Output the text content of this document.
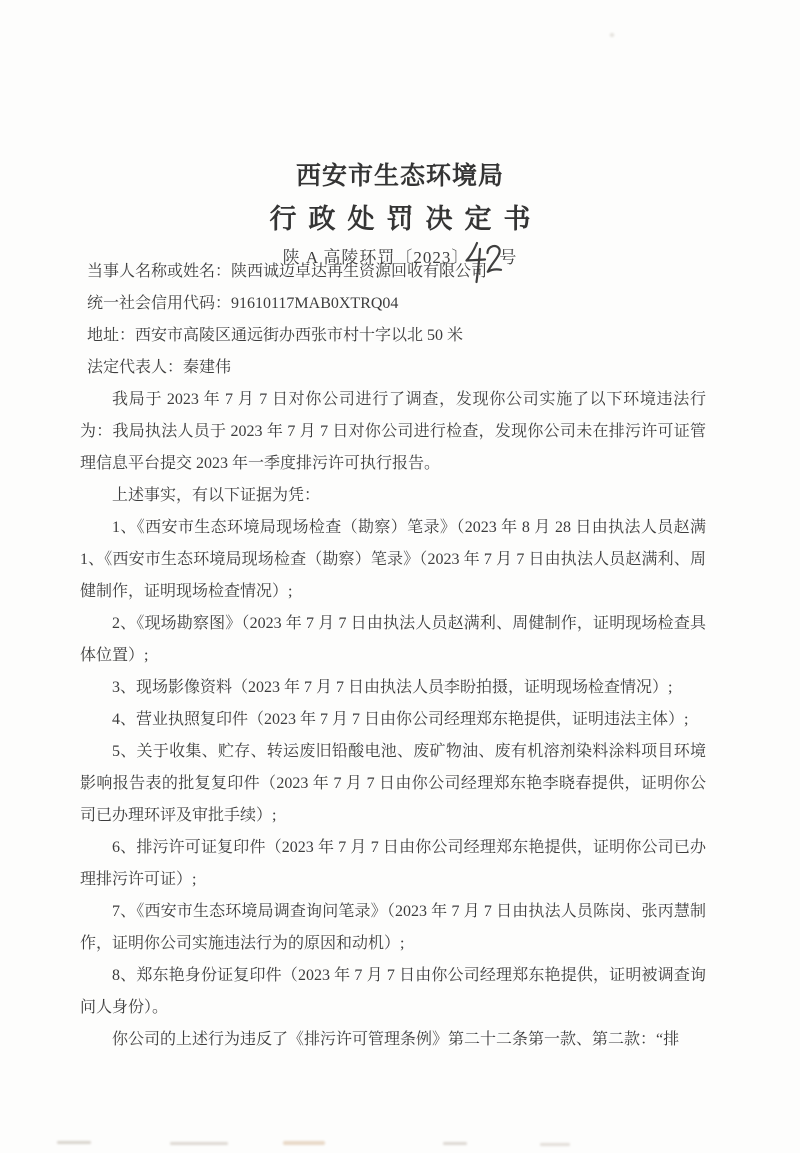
西安市生态环境局
行政处罚决定书
陕 A 高陵环罚〔2023〕 号
当事人名称或姓名：陕西诚迈卓达再生资源回收有限公司
统一社会信用代码：91610117MAB0XTRQ04
地址：西安市高陵区通远街办西张市村十字以北 50 米
法定代表人：秦建伟

我局于 2023 年 7 月 7 日对你公司进行了调查，发现你公司实施了以下环境违法行为：我局执法人员于 2023 年 7 月 7 日对你公司进行检查，发现你公司未在排污许可证管理信息平台提交 2023 年一季度排污许可执行报告。

上述事实，有以下证据为凭：

1、《西安市生态环境局现场检查（勘察）笔录》（2023 年 8 月 28 日由执法人员赵满 1、《西安市生态环境局现场检查（勘察）笔录》（2023 年 7 月 7 日由执法人员赵满利、周健制作，证明现场检查情况）;

2、《现场勘察图》（2023 年 7 月 7 日由执法人员赵满利、周健制作，证明现场检查具体位置）;

3、现场影像资料（2023 年 7 月 7 日由执法人员李盼拍摄，证明现场检查情况）;

4、营业执照复印件（2023 年 7 月 7 日由你公司经理郑东艳提供，证明违法主体）;

5、关于收集、贮存、转运废旧铅酸电池、废矿物油、废有机溶剂染料涂料项目环境影响报告表的批复复印件（2023 年 7 月 7 日由你公司经理郑东艳李晓春提供，证明你公司已办理环评及审批手续）;

6、排污许可证复印件（2023 年 7 月 7 日由你公司经理郑东艳提供，证明你公司已办理排污许可证）;

7、《西安市生态环境局调查询问笔录》（2023 年 7 月 7 日由执法人员陈岗、张丙慧制作，证明你公司实施违法行为的原因和动机）;

8、郑东艳身份证复印件（2023 年 7 月 7 日由你公司经理郑东艳提供，证明被调查询问人身份）。

你公司的上述行为违反了《排污许可管理条例》第二十二条第一款、第二款：“排
